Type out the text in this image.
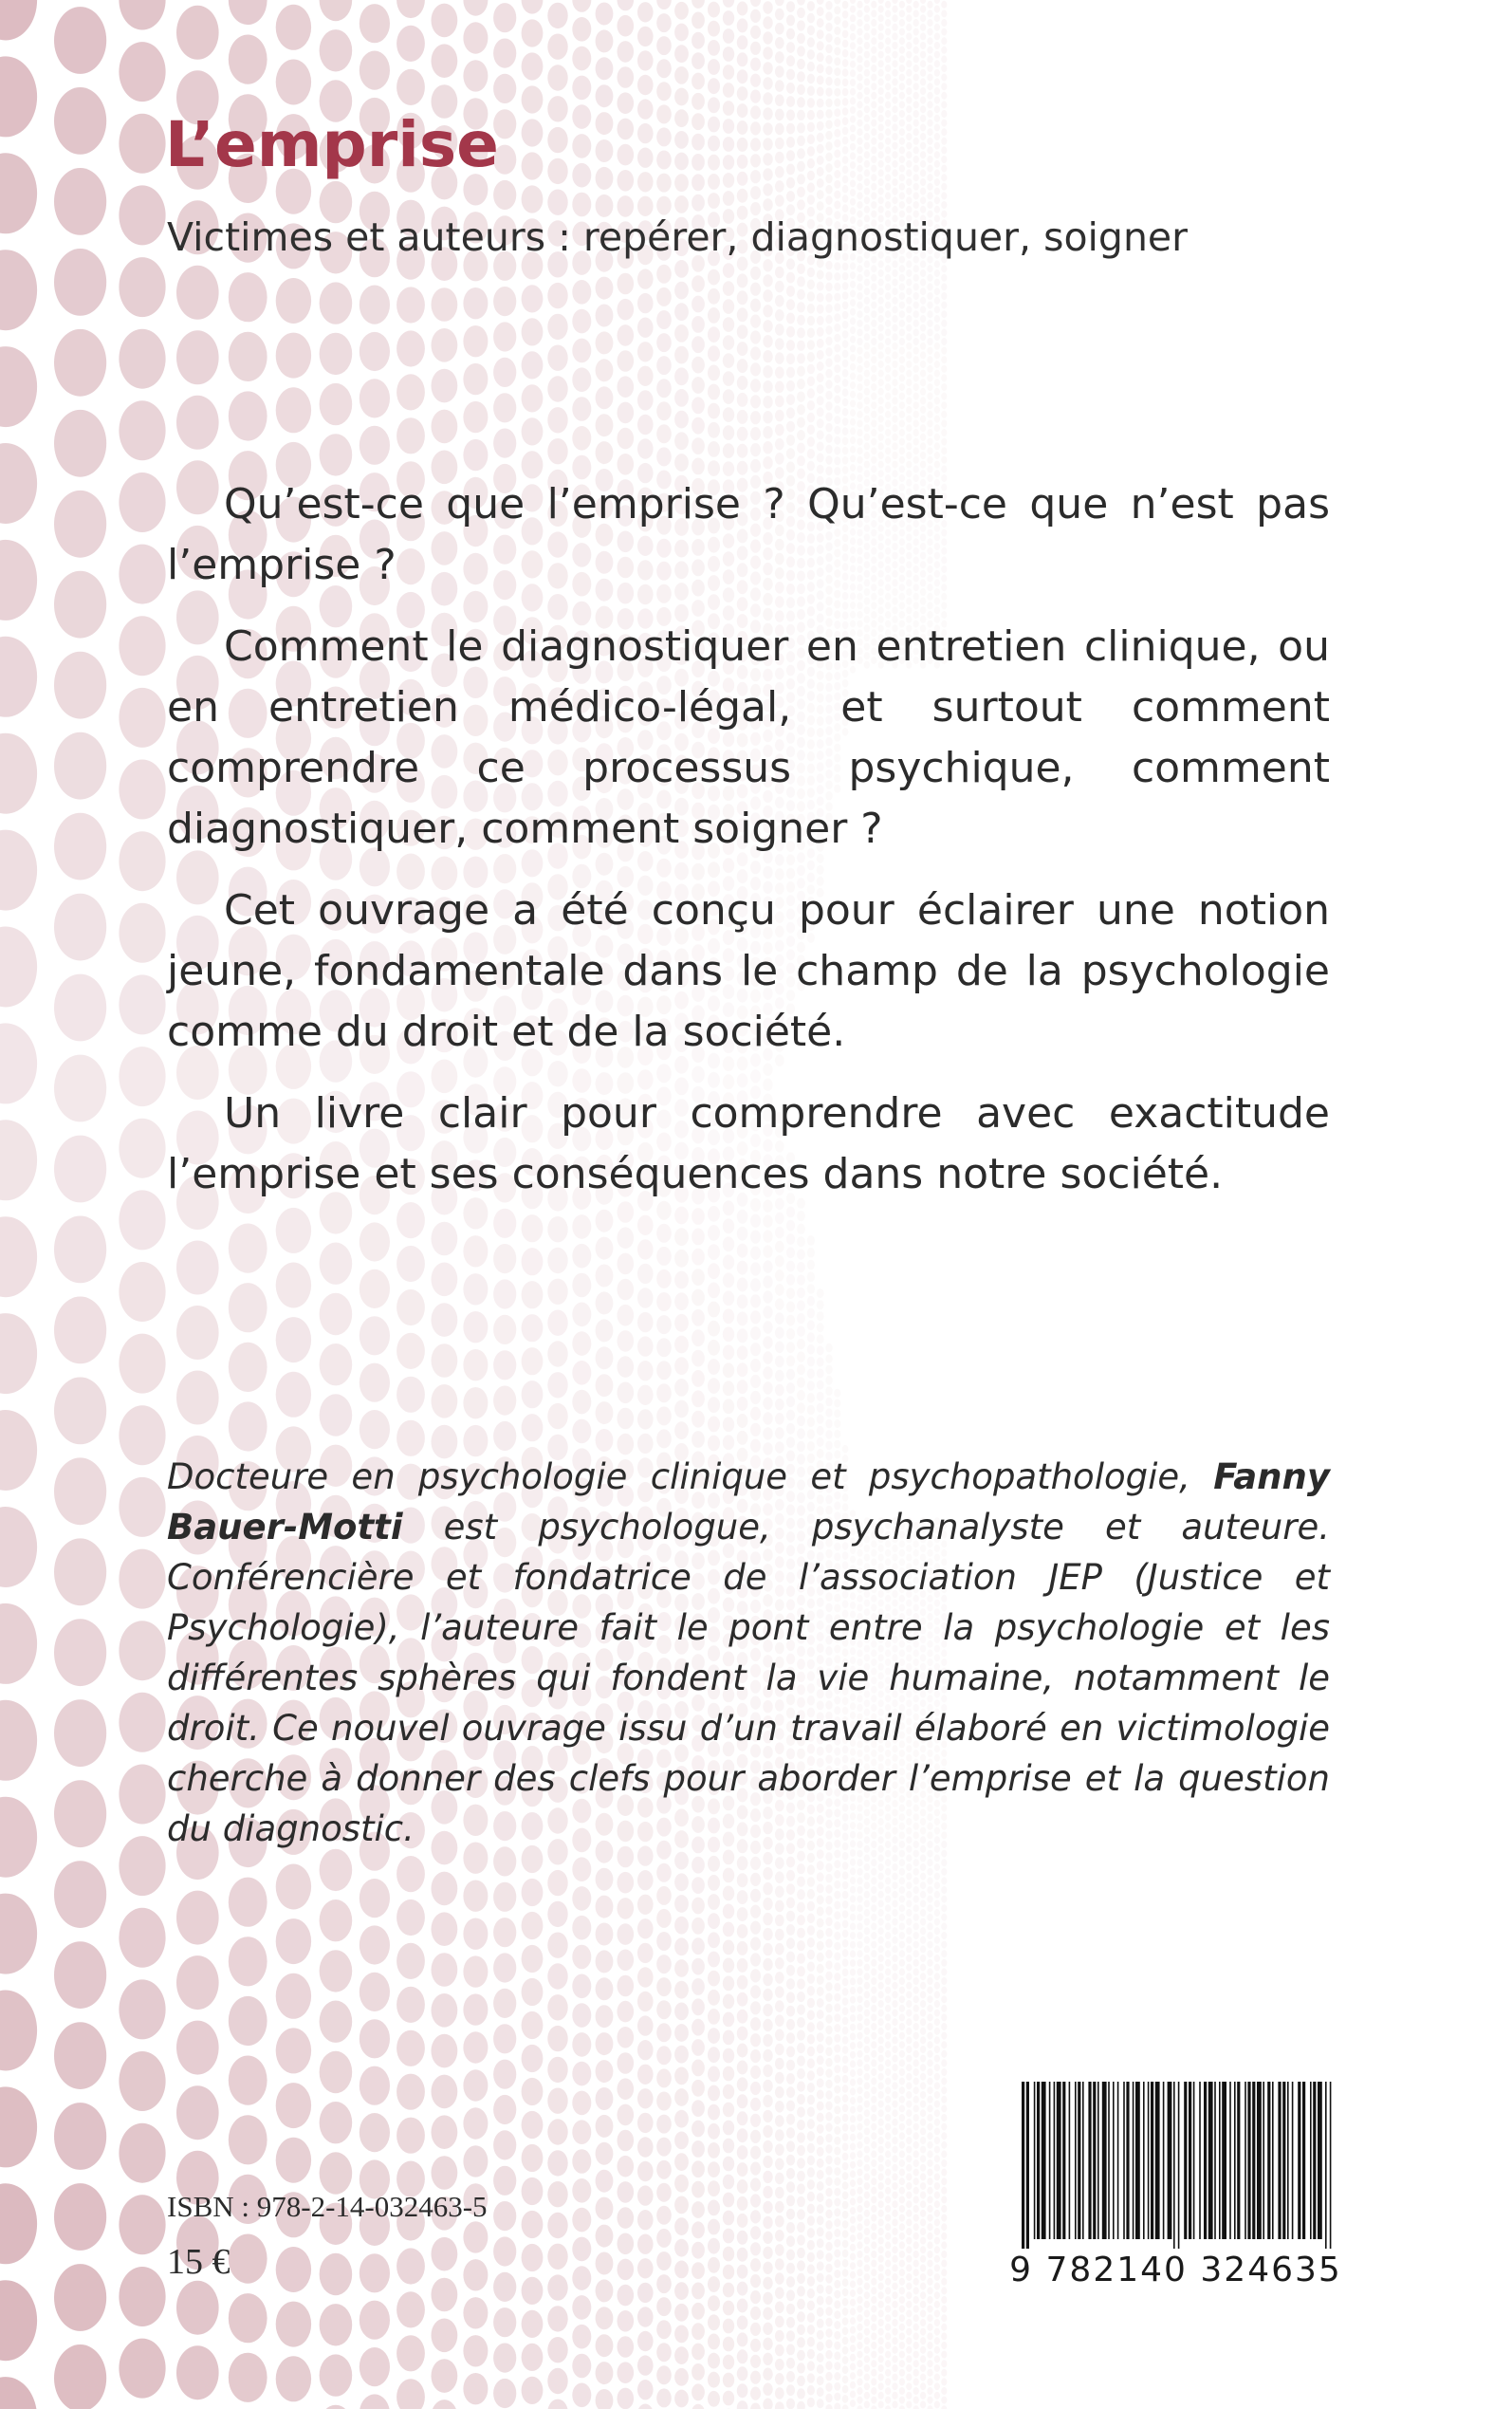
L’emprise

Victimes et auteurs : repérer, diagnostiquer, soigner

Qu’est-ce que l’emprise ? Qu’est-ce que n’est pas l’emprise ?

Comment le diagnostiquer en entretien clinique, ou en entretien médico-légal, et surtout comment comprendre ce processus psychique, comment diagnostiquer, comment soigner ?

Cet ouvrage a été conçu pour éclairer une notion jeune, fondamentale dans le champ de la psychologie comme du droit et de la société.

Un livre clair pour comprendre avec exactitude l’emprise et ses conséquences dans notre société.

Docteure en psychologie clinique et psychopathologie, Fanny Bauer-Motti est psychologue, psychanalyste et auteure. Conférencière et fondatrice de l’association JEP (Justice et Psychologie), l’auteure fait le pont entre la psychologie et les différentes sphères qui fondent la vie humaine, notamment le droit. Ce nouvel ouvrage issu d’un travail élaboré en victimologie cherche à donner des clefs pour aborder l’emprise et la question du diagnostic.

ISBN : 978-2-14-032463-5

15 €	9 782140 324635
